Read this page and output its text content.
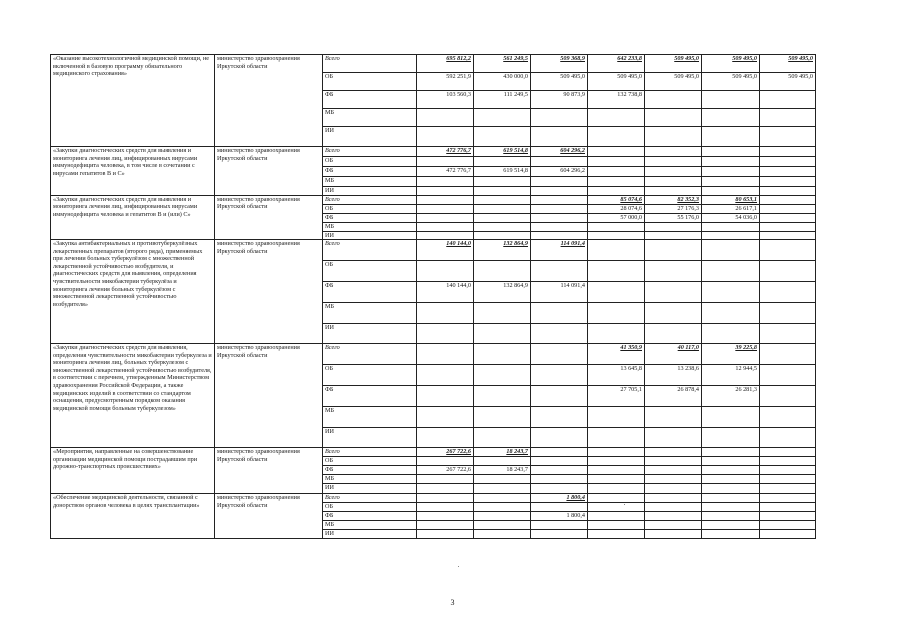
«Оказание высокотехнологичной медицинской помощи, не включенной в базовую программу обязательного медицинского страхования»	министерство здравоохранения Иркутской области	Всего	695 812,2	561 249,5	509 368,9	642 233,8	509 495,0	509 495,0	509 495,0
		ОБ	592 251,9	430 000,0	509 495,0	509 495,0	509 495,0	509 495,0	509 495,0
		ФБ	103 560,3	111 249,5	90 873,9	132 738,8			
		МБ							
		ИИ							
«Закупки диагностических средств для выявления и мониторинга лечения лиц, инфицированных вирусами иммунодефицита человека, в том числе в сочетании с вирусами гепатитов В и С»	министерство здравоохранения Иркутской области	Всего	472 776,7	619 514,8	604 296,2				
		ОБ							
		ФБ	472 776,7	619 514,8	604 296,2				
		МБ							
		ИИ							
«Закупки диагностических средств для выявления и мониторинга лечения лиц, инфицированных вирусами иммунодефицита человека и гепатитов В и (или) С»	министерство здравоохранения Иркутской области	Всего				85 074,6	82 352,3	80 653,1	
		ОБ				28 074,6	27 176,3	26 617,1	
		ФБ				57 000,0	55 176,0	54 036,0	
		МБ							
		ИИ							
«Закупка антибактериальных и противотуберкулёзных лекарственных препаратов (второго ряда), применяемых при лечении больных туберкулёзом с множественной лекарственной устойчивостью возбудителя, и диагностических средств для выявления, определения чувствительности микобактерии туберкулёза и мониторинга лечения больных туберкулёзом с множественной лекарственной устойчивостью возбудителя»	министерство здравоохранения Иркутской области	Всего	140 144,0	132 864,9	114 091,4				
		ОБ							
		ФБ	140 144,0	132 864,9	114 091,4				
		МБ							
		ИИ							
«Закупки диагностических средств для выявления, определения чувствительности микобактерии туберкулеза и мониторинга лечения лиц, больных туберкулезом с множественной лекарственной устойчивостью возбудителя, в соответствии с перечнем, утвержденным Министерством здравоохранения Российской Федерации, а также медицинских изделий в соответствии со стандартом оснащения, предусмотренным порядком оказания медицинской помощи больным туберкулезом»	министерство здравоохранения Иркутской области	Всего				41 350,9	40 117,0	39 225,8	
		ОБ				13 645,8	13 238,6	12 944,5	
		ФБ				27 705,1	26 878,4	26 281,3	
		МБ							
		ИИ							
«Мероприятия, направленные на совершенствование организации медицинской помощи пострадавшим при дорожно-транспортных происшествиях»	министерство здравоохранения Иркутской области	Всего	267 722,6	18 243,7					
		ОБ							
		ФБ	267 722,6	18 243,7					
		МБ							
		ИИ							
«Обеспечение медицинской деятельности, связанной с донорством органов человека в целях трансплантации»	министерство здравоохранения Иркутской области	Всего			1 800,4				
		ОБ							
		ФБ			1 800,4				
		МБ							
		ИИ							
3
